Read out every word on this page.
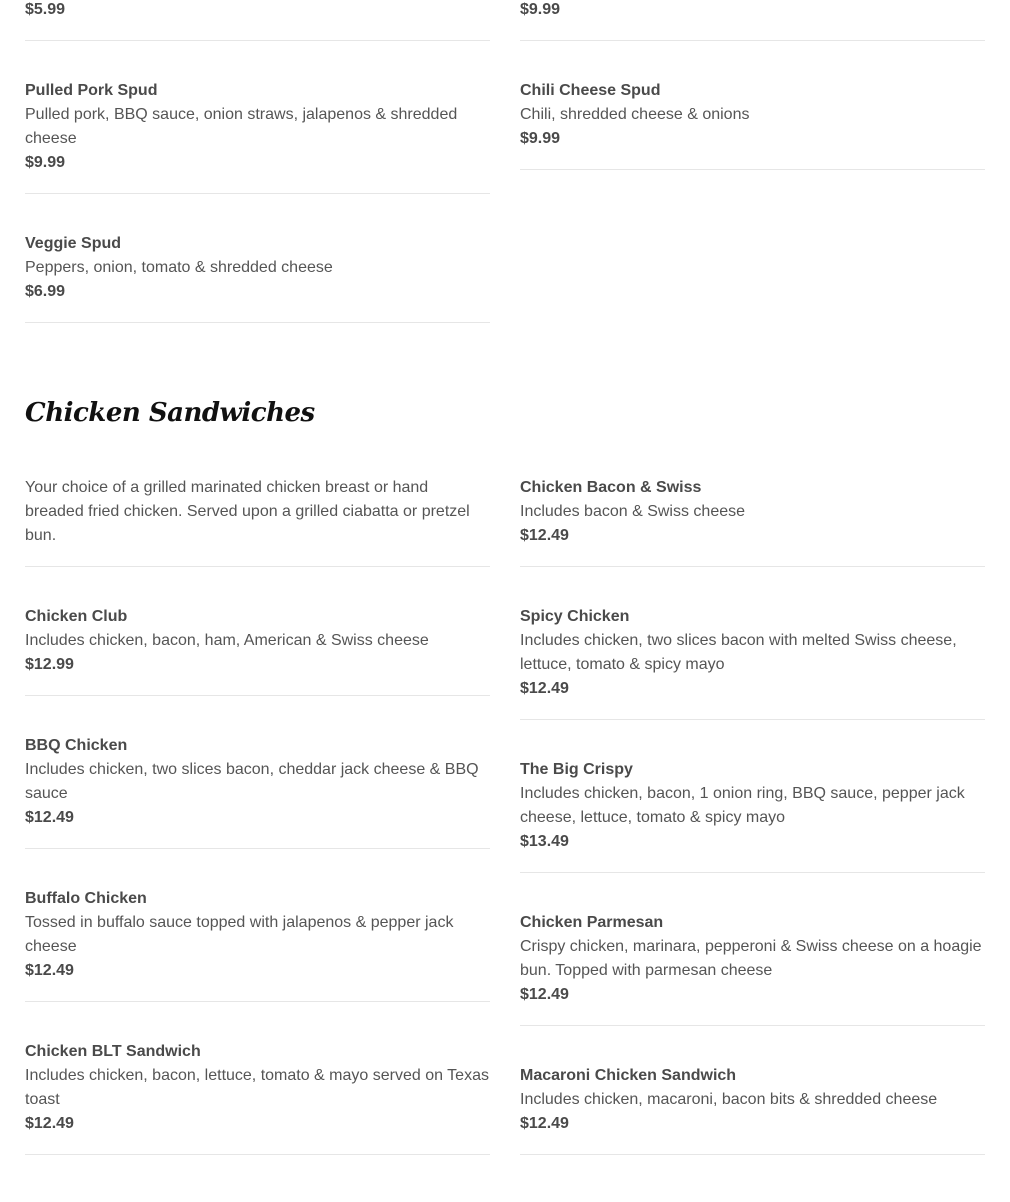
$5.99
Pulled Pork Spud
Pulled pork, BBQ sauce, onion straws, jalapenos & shredded cheese
$9.99
Veggie Spud
Peppers, onion, tomato & shredded cheese
$6.99
$9.99
Chili Cheese Spud
Chili, shredded cheese & onions
$9.99
Chicken Sandwiches
Your choice of a grilled marinated chicken breast or hand breaded fried chicken. Served upon a grilled ciabatta or pretzel bun.
Chicken Club
Includes chicken, bacon, ham, American & Swiss cheese
$12.99
BBQ Chicken
Includes chicken, two slices bacon, cheddar jack cheese & BBQ sauce
$12.49
Buffalo Chicken
Tossed in buffalo sauce topped with jalapenos & pepper jack cheese
$12.49
Chicken BLT Sandwich
Includes chicken, bacon, lettuce, tomato & mayo served on Texas toast
$12.49
Chicken Bacon & Swiss
Includes bacon & Swiss cheese
$12.49
Spicy Chicken
Includes chicken, two slices bacon with melted Swiss cheese, lettuce, tomato & spicy mayo
$12.49
The Big Crispy
Includes chicken, bacon, 1 onion ring, BBQ sauce, pepper jack cheese, lettuce, tomato & spicy mayo
$13.49
Chicken Parmesan
Crispy chicken, marinara, pepperoni & Swiss cheese on a hoagie bun. Topped with parmesan cheese
$12.49
Macaroni Chicken Sandwich
Includes chicken, macaroni, bacon bits & shredded cheese
$12.49
